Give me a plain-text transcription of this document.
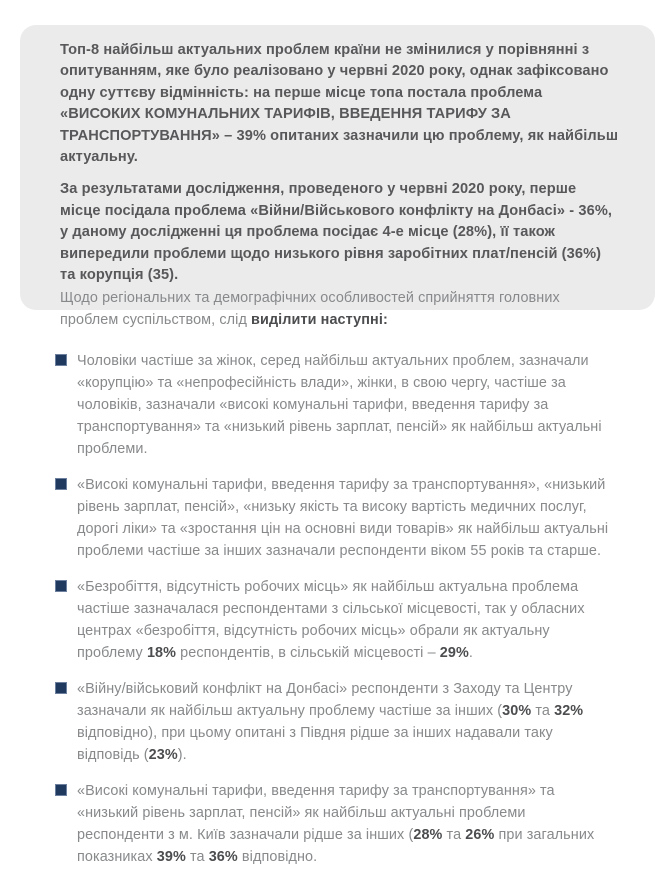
Топ-8 найбільш актуальних проблем країни не змінилися у порівнянні з опитуванням, яке було реалізовано у червні 2020 року, однак зафіксовано одну суттєву відмінність: на перше місце топа постала проблема «ВИСОКИХ КОМУНАЛЬНИХ ТАРИФІВ, ВВЕДЕННЯ ТАРИФУ ЗА ТРАНСПОРТУВАННЯ» – 39% опитаних зазначили цю проблему, як найбільш актуальну.

За результатами дослідження, проведеного у червні 2020 року, перше місце посідала проблема «Війни/Військового конфлікту на Донбасі» - 36%, у даному дослідженні ця проблема посідає 4-е місце (28%), її також випередили проблеми щодо низького рівня заробітних плат/пенсій (36%) та корупція (35).

Щодо регіональних та демографічних особливостей сприйняття головних проблем суспільством, слід виділити наступні:

Чоловіки частіше за жінок, серед найбільш актуальних проблем, зазначали «корупцію» та «непрофесійність влади», жінки, в свою чергу, частіше за чоловіків, зазначали «високі комунальні тарифи, введення тарифу за транспортування» та «низький рівень зарплат, пенсій» як найбільш актуальні проблеми.
«Високі комунальні тарифи, введення тарифу за транспортування», «низький рівень зарплат, пенсій», «низьку якість та високу вартість медичних послуг, дорогі ліки» та «зростання цін на основні види товарів» як найбільш актуальні проблеми частіше за інших зазначали респонденти віком 55 років та старше.
«Безробіття, відсутність робочих місць» як найбільш актуальна проблема частіше зазначалася респондентами з сільської місцевості, так у обласних центрах «безробіття, відсутність робочих місць» обрали як актуальну проблему 18% респондентів, в сільській місцевості – 29%.
«Війну/військовий конфлікт на Донбасі» респонденти з Заходу та Центру зазначали як найбільш актуальну проблему частіше за інших (30% та 32% відповідно), при цьому опитані з Півдня рідше за інших надавали таку відповідь (23%).
«Високі комунальні тарифи, введення тарифу за транспортування» та «низький рівень зарплат, пенсій» як найбільш актуальні проблеми респонденти з м. Київ зазначали рідше за інших (28% та 26% при загальних показниках 39% та 36% відповідно.
